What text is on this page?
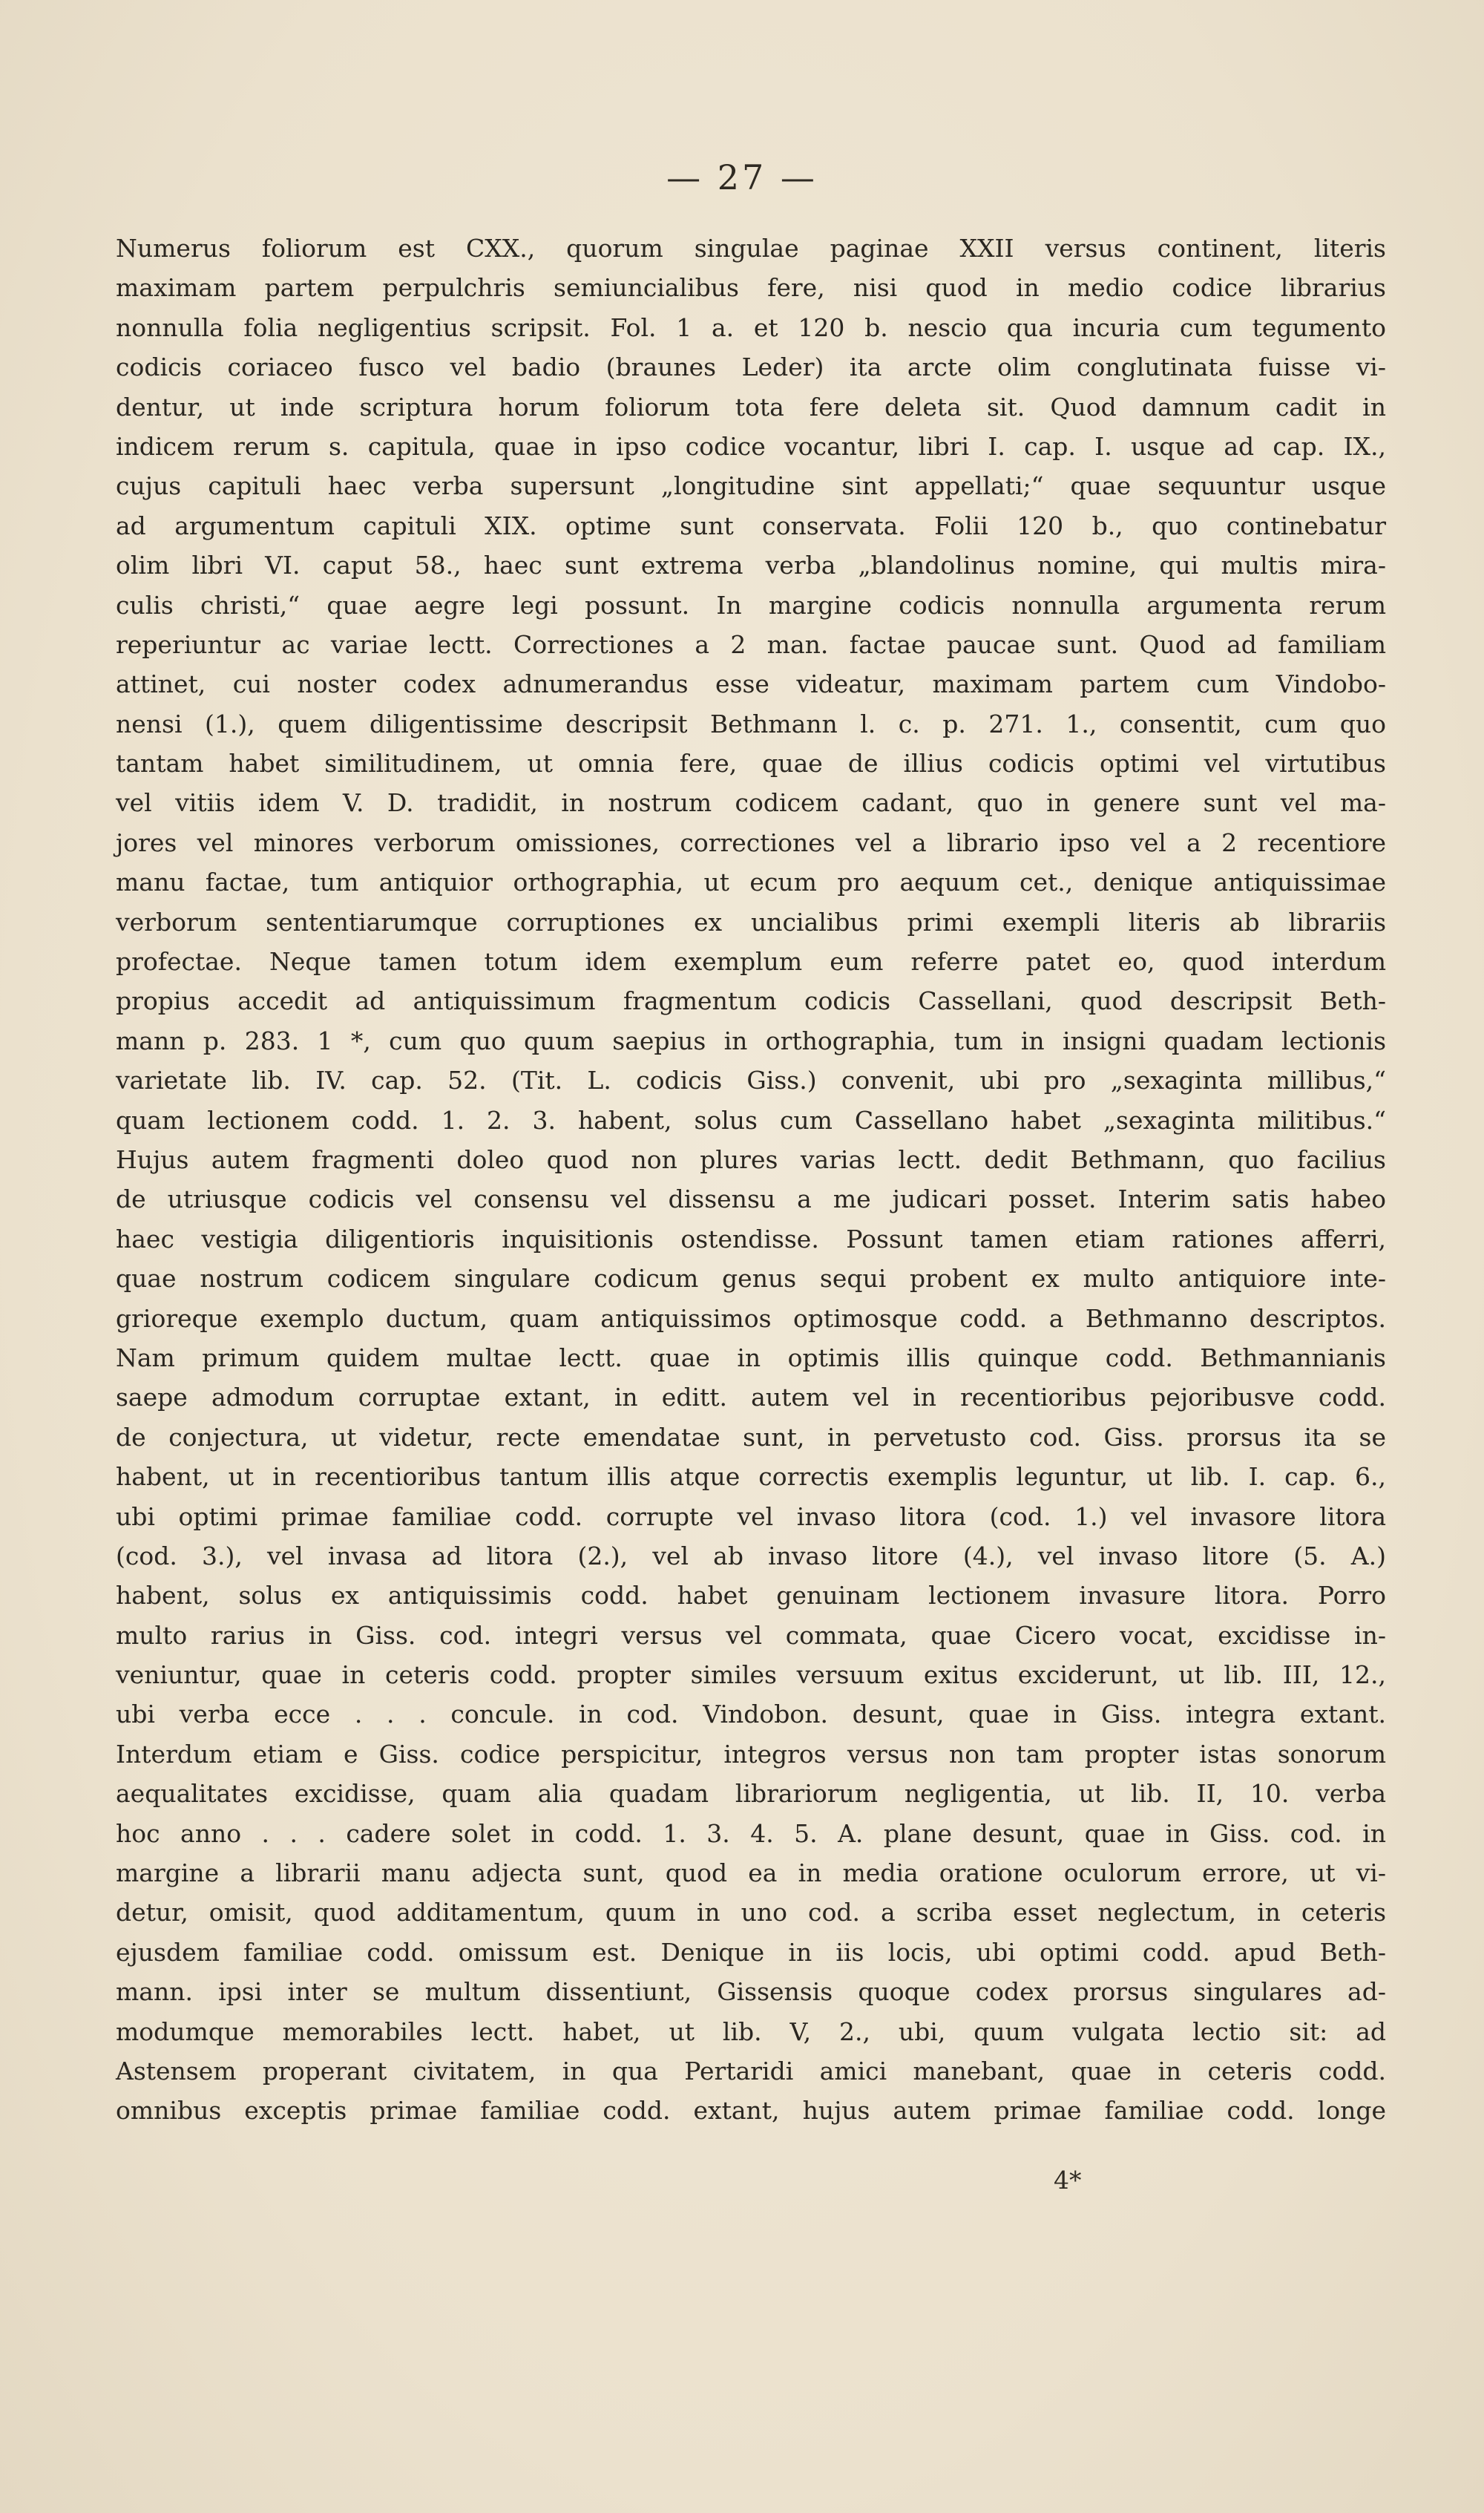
— 27 —
Numerus foliorum est CXX., quorum singulae paginae XXII versus continent, literis
maximam partem perpulchris semiuncialibus fere, nisi quod in medio codice librarius
nonnulla folia negligentius scripsit. Fol. 1 a. et 120 b. nescio qua incuria cum tegumento
codicis coriaceo fusco vel badio (braunes Leder) ita arcte olim conglutinata fuisse vi-
dentur, ut inde scriptura horum foliorum tota fere deleta sit. Quod damnum cadit in
indicem rerum s. capitula, quae in ipso codice vocantur, libri I. cap. I. usque ad cap. IX.,
cujus capituli haec verba supersunt „longitudine sint appellati;“ quae sequuntur usque
ad argumentum capituli XIX. optime sunt conservata. Folii 120 b., quo continebatur
olim libri VI. caput 58., haec sunt extrema verba „blandolinus nomine, qui multis mira-
culis christi,“ quae aegre legi possunt. In margine codicis nonnulla argumenta rerum
reperiuntur ac variae lectt. Correctiones a 2 man. factae paucae sunt. Quod ad familiam
attinet, cui noster codex adnumerandus esse videatur, maximam partem cum Vindobo-
nensi (1.), quem diligentissime descripsit Bethmann l. c. p. 271. 1., consentit, cum quo
tantam habet similitudinem, ut omnia fere, quae de illius codicis optimi vel virtutibus
vel vitiis idem V. D. tradidit, in nostrum codicem cadant, quo in genere sunt vel ma-
jores vel minores verborum omissiones, correctiones vel a librario ipso vel a 2 recentiore
manu factae, tum antiquior orthographia, ut ecum pro aequum cet., denique antiquissimae
verborum sententiarumque corruptiones ex uncialibus primi exempli literis ab librariis
profectae. Neque tamen totum idem exemplum eum referre patet eo, quod interdum
propius accedit ad antiquissimum fragmentum codicis Cassellani, quod descripsit Beth-
mann p. 283. 1 *, cum quo quum saepius in orthographia, tum in insigni quadam lectionis
varietate lib. IV. cap. 52. (Tit. L. codicis Giss.) convenit, ubi pro „sexaginta millibus,“
quam lectionem codd. 1. 2. 3. habent, solus cum Cassellano habet „sexaginta militibus.“
Hujus autem fragmenti doleo quod non plures varias lectt. dedit Bethmann, quo facilius
de utriusque codicis vel consensu vel dissensu a me judicari posset. Interim satis habeo
haec vestigia diligentioris inquisitionis ostendisse. Possunt tamen etiam rationes afferri,
quae nostrum codicem singulare codicum genus sequi probent ex multo antiquiore inte-
grioreque exemplo ductum, quam antiquissimos optimosque codd. a Bethmanno descriptos.
Nam primum quidem multae lectt. quae in optimis illis quinque codd. Bethmannianis
saepe admodum corruptae extant, in editt. autem vel in recentioribus pejoribusve codd.
de conjectura, ut videtur, recte emendatae sunt, in pervetusto cod. Giss. prorsus ita se
habent, ut in recentioribus tantum illis atque correctis exemplis leguntur, ut lib. I. cap. 6.,
ubi optimi primae familiae codd. corrupte vel invaso litora (cod. 1.) vel invasore litora
(cod. 3.), vel invasa ad litora (2.), vel ab invaso litore (4.), vel invaso litore (5. A.)
habent, solus ex antiquissimis codd. habet genuinam lectionem invasure litora. Porro
multo rarius in Giss. cod. integri versus vel commata, quae Cicero vocat, excidisse in-
veniuntur, quae in ceteris codd. propter similes versuum exitus exciderunt, ut lib. III, 12.,
ubi verba ecce . . . concule. in cod. Vindobon. desunt, quae in Giss. integra extant.
Interdum etiam e Giss. codice perspicitur, integros versus non tam propter istas sonorum
aequalitates excidisse, quam alia quadam librariorum negligentia, ut lib. II, 10. verba
hoc anno . . . cadere solet in codd. 1. 3. 4. 5. A. plane desunt, quae in Giss. cod. in
margine a librarii manu adjecta sunt, quod ea in media oratione oculorum errore, ut vi-
detur, omisit, quod additamentum, quum in uno cod. a scriba esset neglectum, in ceteris
ejusdem familiae codd. omissum est. Denique in iis locis, ubi optimi codd. apud Beth-
mann. ipsi inter se multum dissentiunt, Gissensis quoque codex prorsus singulares ad-
modumque memorabiles lectt. habet, ut lib. V, 2., ubi, quum vulgata lectio sit: ad
Astensem properant civitatem, in qua Pertaridi amici manebant, quae in ceteris codd.
omnibus exceptis primae familiae codd. extant, hujus autem primae familiae codd. longe
4*
